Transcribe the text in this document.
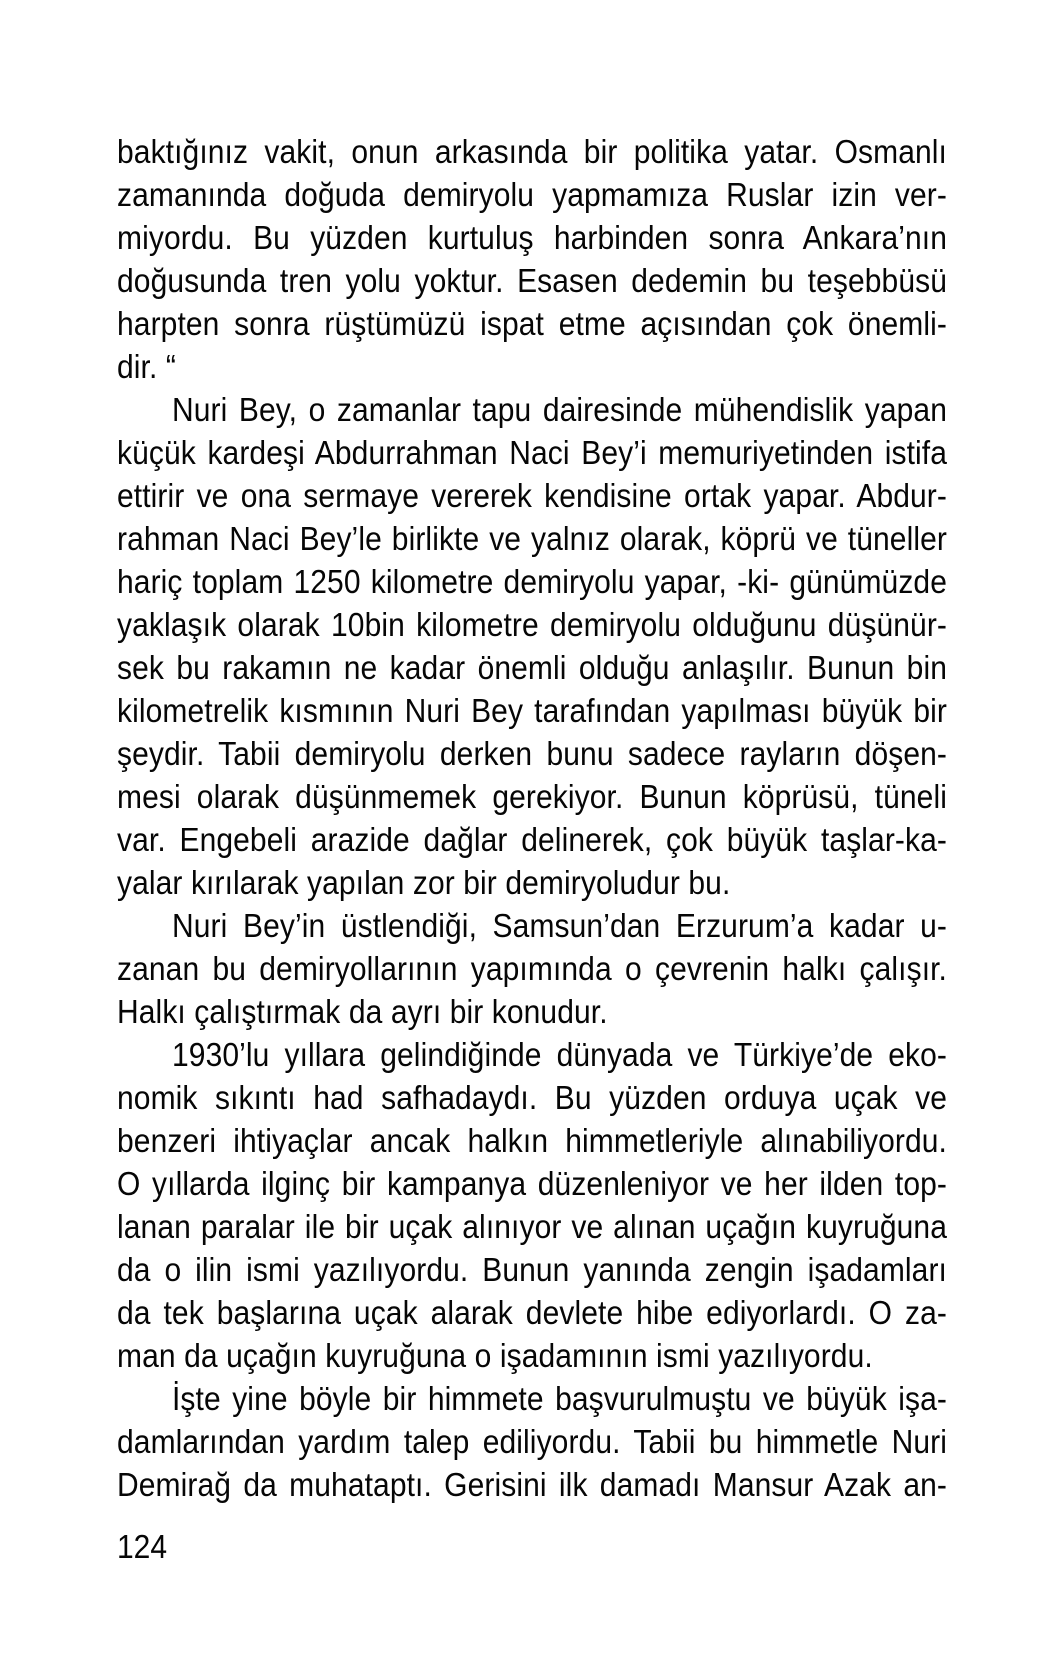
baktığınız vakit, onun arkasında bir politika yatar. Osmanlı
zamanında doğuda demiryolu yapmamıza Ruslar izin ver-
miyordu. Bu yüzden kurtuluş harbinden sonra Ankara’nın
doğusunda tren yolu yoktur. Esasen dedemin bu teşebbüsü
harpten sonra rüştümüzü ispat etme açısından çok önemli-
dir. “
Nuri Bey, o zamanlar tapu dairesinde mühendislik yapan
küçük kardeşi Abdurrahman Naci Bey’i memuriyetinden istifa
ettirir ve ona sermaye vererek kendisine ortak yapar. Abdur-
rahman Naci Bey’le birlikte ve yalnız olarak, köprü ve tüneller
hariç toplam 1250 kilometre demiryolu yapar, -ki- günümüzde
yaklaşık olarak 10bin kilometre demiryolu olduğunu düşünür-
sek bu rakamın ne kadar önemli olduğu anlaşılır. Bunun bin
kilometrelik kısmının Nuri Bey tarafından yapılması büyük bir
şeydir. Tabii demiryolu derken bunu sadece rayların döşen-
mesi olarak düşünmemek gerekiyor. Bunun köprüsü, tüneli
var. Engebeli arazide dağlar delinerek, çok büyük taşlar-ka-
yalar kırılarak yapılan zor bir demiryoludur bu.
Nuri Bey’in üstlendiği, Samsun’dan Erzurum’a kadar u-
zanan bu demiryollarının yapımında o çevrenin halkı çalışır.
Halkı çalıştırmak da ayrı bir konudur.
1930’lu yıllara gelindiğinde dünyada ve Türkiye’de eko-
nomik sıkıntı had safhadaydı. Bu yüzden orduya uçak ve
benzeri ihtiyaçlar ancak halkın himmetleriyle alınabiliyordu.
O yıllarda ilginç bir kampanya düzenleniyor ve her ilden top-
lanan paralar ile bir uçak alınıyor ve alınan uçağın kuyruğuna
da o ilin ismi yazılıyordu. Bunun yanında zengin işadamları
da tek başlarına uçak alarak devlete hibe ediyorlardı. O za-
man da uçağın kuyruğuna o işadamının ismi yazılıyordu.
İşte yine böyle bir himmete başvurulmuştu ve büyük işa-
damlarından yardım talep ediliyordu. Tabii bu himmetle Nuri
Demirağ da muhataptı. Gerisini ilk damadı Mansur Azak an-
124
